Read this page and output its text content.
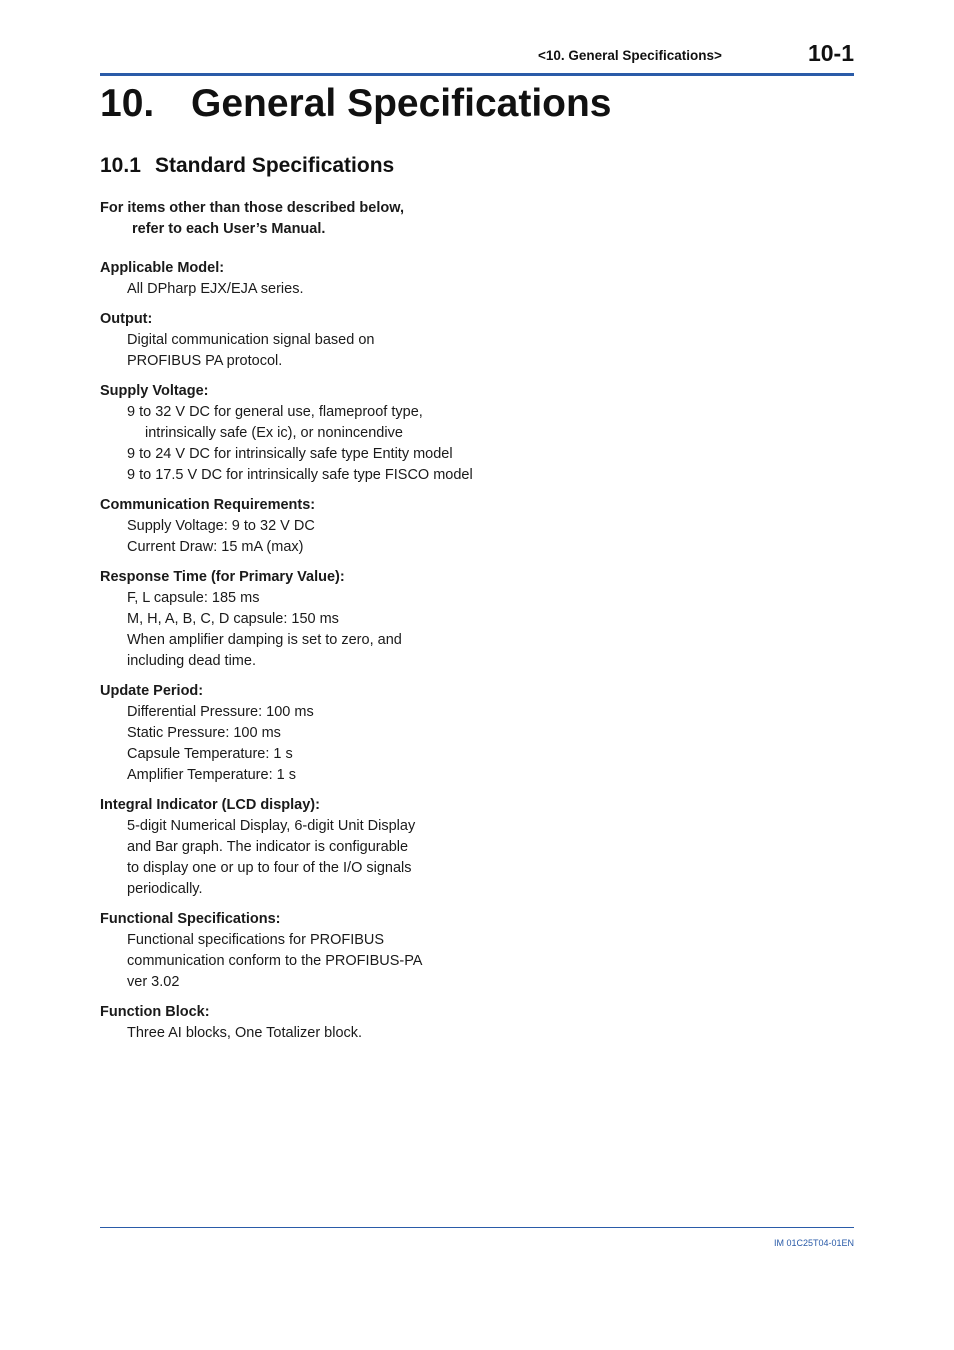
<10. General Specifications>	10-1
10. General Specifications
10.1 Standard Specifications
For items other than those described below,
refer to each User’s Manual.
Applicable Model:
All DPharp EJX/EJA series.
Output:
Digital communication signal based on
PROFIBUS PA protocol.
Supply Voltage:
9 to 32 V DC for general use, flameproof type, intrinsically safe (Ex ic), or nonincendive
9 to 24 V DC for intrinsically safe type Entity model
9 to 17.5 V DC for intrinsically safe type FISCO model
Communication Requirements:
Supply Voltage: 9 to 32 V DC
Current Draw: 15 mA (max)
Response Time (for Primary Value):
F, L capsule: 185 ms
M, H, A, B, C, D capsule: 150 ms
When amplifier damping is set to zero, and
including dead time.
Update Period:
Differential Pressure: 100 ms
Static Pressure: 100 ms
Capsule Temperature: 1 s
Amplifier Temperature: 1 s
Integral Indicator (LCD display):
5-digit Numerical Display, 6-digit Unit Display
and Bar graph. The indicator is configurable
to display one or up to four of the I/O signals
periodically.
Functional Specifications:
Functional specifications for PROFIBUS
communication conform to the PROFIBUS-PA
ver 3.02
Function Block:
Three AI blocks, One Totalizer block.
IM 01C25T04-01EN
